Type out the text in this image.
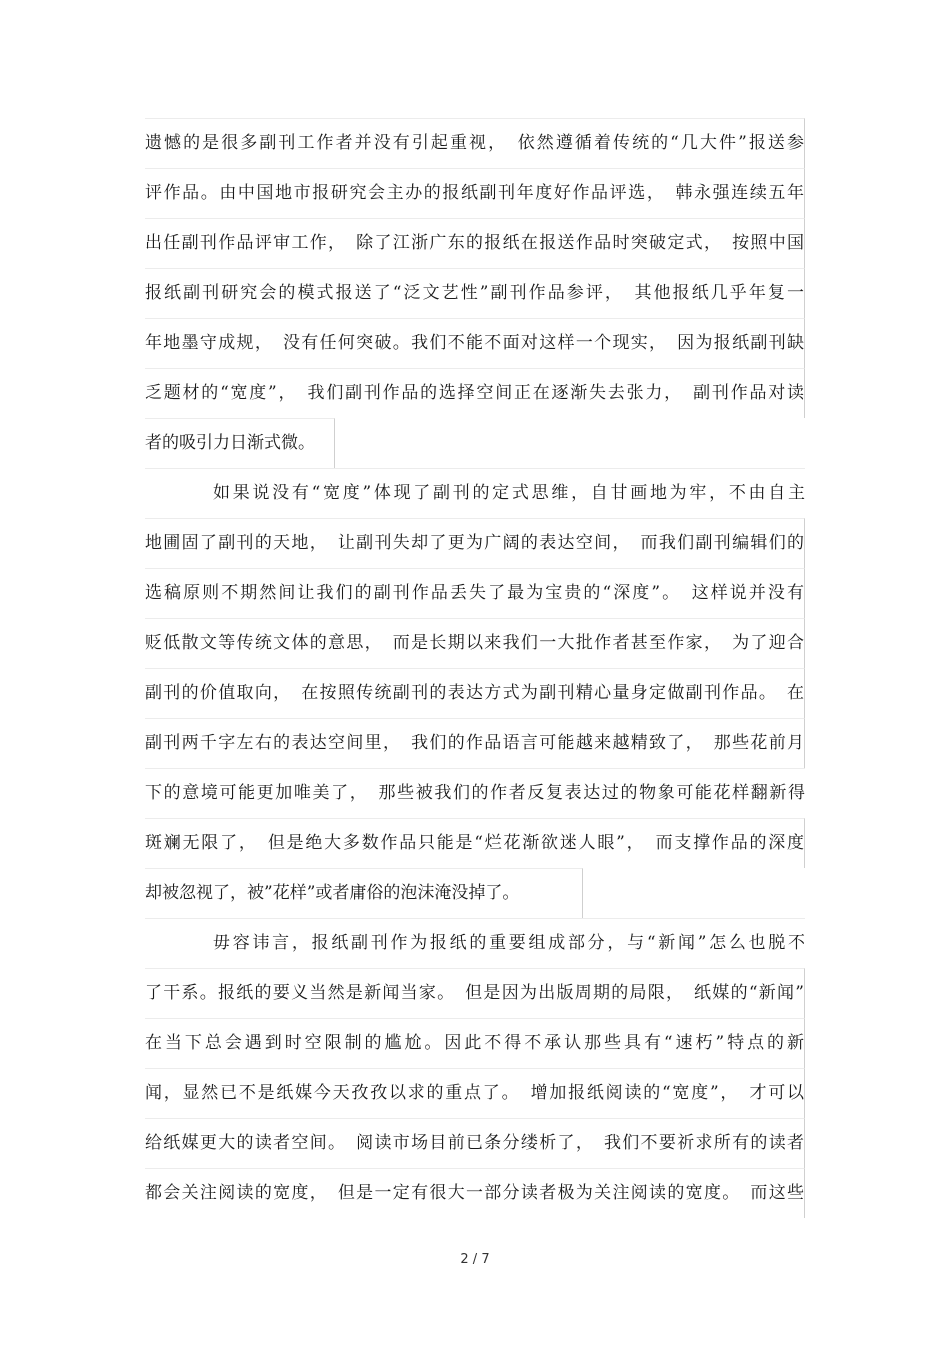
遗憾的是很多副刊工作者并没有引起重视，　依然遵循着传统的“几大件”报送参
评作品。由中国地市报研究会主办的报纸副刊年度好作品评选，　韩永强连续五年
出任副刊作品评审工作，　除了江浙广东的报纸在报送作品时突破定式，　按照中国
报纸副刊研究会的模式报送了“泛文艺性”副刊作品参评，　其他报纸几乎年复一
年地墨守成规，　没有任何突破。我们不能不面对这样一个现实，　因为报纸副刊缺
乏题材的“宽度”，　我们副刊作品的选择空间正在逐渐失去张力，　副刊作品对读
者的吸引力日渐式微。
如果说没有“宽度”体现了副刊的定式思维，自甘画地为牢，不由自主
地圃固了副刊的天地，　让副刊失却了更为广阔的表达空间，　而我们副刊编辑们的
选稿原则不期然间让我们的副刊作品丢失了最为宝贵的“深度”。　这样说并没有
贬低散文等传统文体的意思，　而是长期以来我们一大批作者甚至作家，　为了迎合
副刊的价值取向，　在按照传统副刊的表达方式为副刊精心量身定做副刊作品。　在
副刊两千字左右的表达空间里，　我们的作品语言可能越来越精致了，　那些花前月
下的意境可能更加唯美了，　那些被我们的作者反复表达过的物象可能花样翻新得
斑斓无限了，　但是绝大多数作品只能是“烂花渐欲迷人眼”，　而支撑作品的深度
却被忽视了，被”花样”或者庸俗的泡沫淹没掉了。
毋容讳言，报纸副刊作为报纸的重要组成部分，与“新闻”怎么也脱不
了干系。报纸的要义当然是新闻当家。　但是因为出版周期的局限，　纸媒的“新闻”
在当下总会遇到时空限制的尴尬。因此不得不承认那些具有“速朽”特点的新
闻，显然已不是纸媒今天孜孜以求的重点了。　增加报纸阅读的“宽度”，　才可以
给纸媒更大的读者空间。　阅读市场目前已条分缕析了，　我们不要祈求所有的读者
都会关注阅读的宽度，　但是一定有很大一部分读者极为关注阅读的宽度。　而这些
2 / 7
